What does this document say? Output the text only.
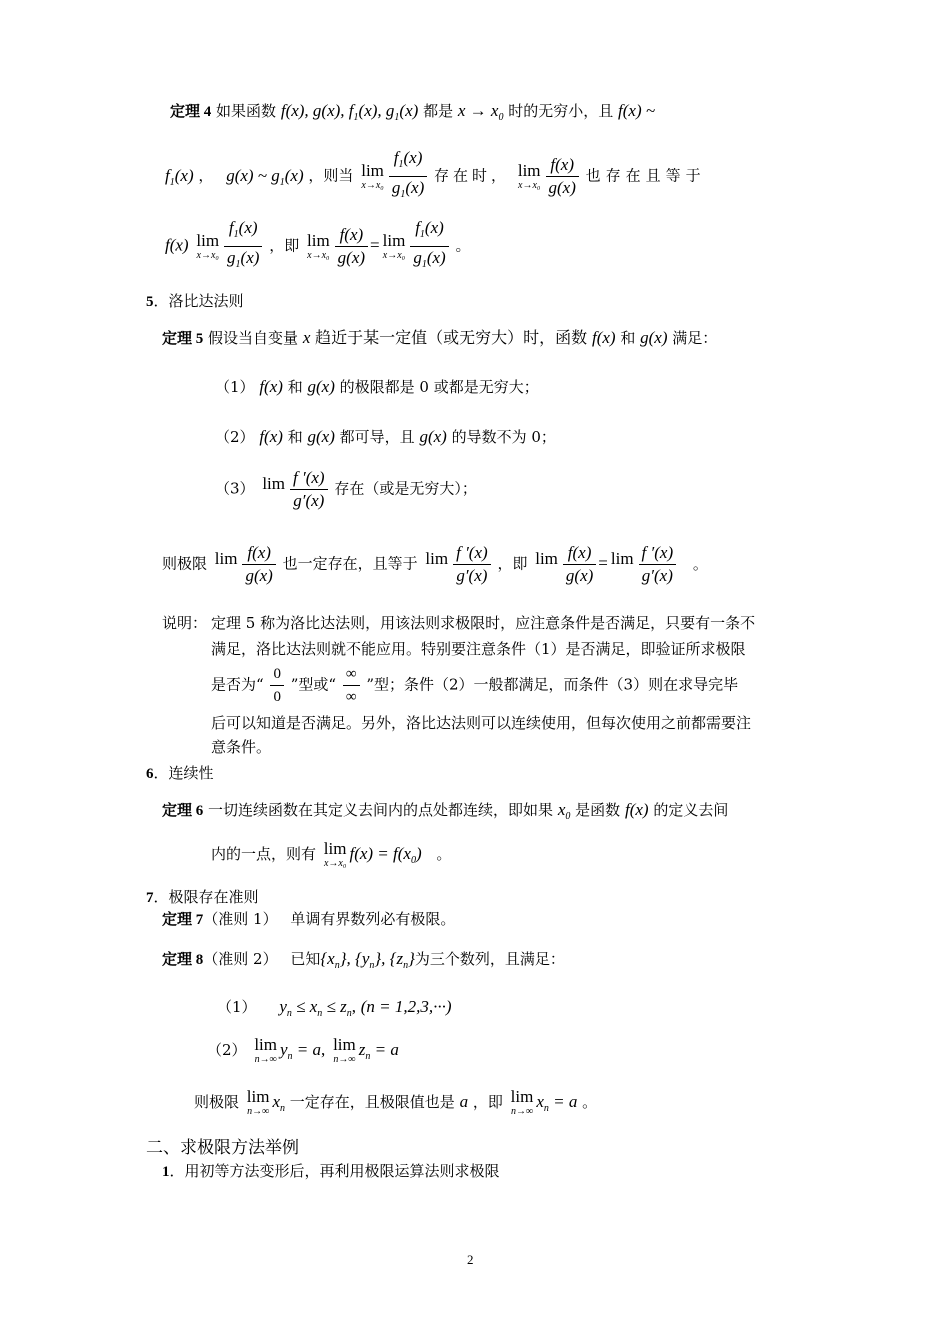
定理 4 如果函数 f(x), g(x), $f_1(x)$, $g_1(x)$ 都是 $x \to x_0$ 时的无穷小，且 f(x) ~
$f_1(x)$ ， g(x) ~ $g_1(x)$ ，则当 lim
$x\to x_0 \frac{f_1(x)}{g_1(x)}$ 存在时， lim
$x\to x_0 \frac{f(x)}{g(x)}$ 也存在且等于
f(x) lim
$x\to x_0 \frac{f_1(x)}{g_1(x)}$ ，即 lim
$x\to x_0 \frac{f(x)}{g(x)} = \lim$
$x\to x_0 \frac{f_1(x)}{g_1(x)}$ 。
5．洛比达法则
定理 5 假设当自变量 x 趋近于某一定值（或无穷大）时，函数 f(x) 和 g(x) 满足：
（1） f(x) 和 g(x) 的极限都是 0 或都是无穷大；
（2） f(x) 和 g(x) 都可导，且 g(x) 的导数不为 0；
（3） lim
$\frac{f '(x)}{g'(x)}$ 存在（或是无穷大）；
则极限 lim
$\frac{f(x)}{g(x)}$ 也一定存在，且等于 lim
$\frac{f '(x)}{g'(x)}$ ，即 lim
$\frac{f(x)}{g(x)} = \lim$
$\frac{f '(x)}{g'(x)}$ 。
说明： 定理 5 称为洛比达法则，用该法则求极限时，应注意条件是否满足，只要有一条不
满足，洛比达法则就不能应用。特别要注意条件（1）是否满足，即验证所求极限
是否为“ $\frac{0}{0}$ ”型或“
∞
∞
”型；条件（2）一般都满足，而条件（3）则在求导完毕
后可以知道是否满足。另外，洛比达法则可以连续使用，但每次使用之前都需要注
意条件。
6．连续性
定理 6 一切连续函数在其定义去间内的点处都连续，即如果 $x_0$ 是函数 f(x) 的定义去间
内的一点，则有 lim
x→x₀
$f(x) = f(x_0)$ 。
7．极限存在准则
定理 7（准则 1） 单调有界数列必有极限。
定理 8（准则 2） 已知$\{x_n\}$, $\{y_n\}$, $\{z_n\}$为三个数列，且满足：
（1） $y_n \le x_n \le z_n$, (n = 1,2,3,···)
（2） lim
n→∞
$y_n = a$, lim
n→∞
$z_n = a$
则极限 lim
n→∞
$x_n$ 一定存在，且极限值也是 a ，即 lim
n→∞
$x_n = a$ 。
二、求极限方法举例
1．用初等方法变形后，再利用极限运算法则求极限
2
